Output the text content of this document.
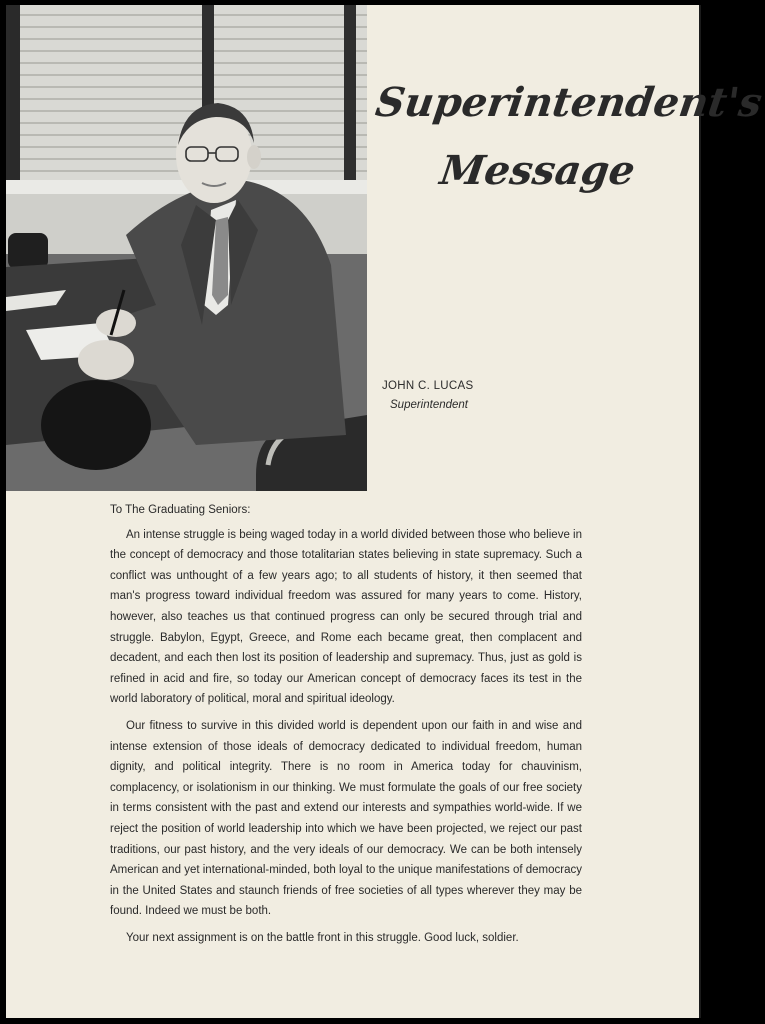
Superintendent's
Message
JOHN C. LUCAS
Superintendent

To The Graduating Seniors:

An intense struggle is being waged today in a world divided between those who believe in the concept of democracy and those totalitarian states believing in state supremacy. Such a conflict was unthought of a few years ago; to all students of history, it then seemed that man's progress toward individual freedom was assured for many years to come. History, however, also teaches us that continued progress can only be secured through trial and struggle. Babylon, Egypt, Greece, and Rome each became great, then complacent and decadent, and each then lost its position of leadership and supremacy. Thus, just as gold is refined in acid and fire, so today our American concept of democracy faces its test in the world laboratory of political, moral and spiritual ideology.

Our fitness to survive in this divided world is dependent upon our faith in and wise and intense extension of those ideals of democracy dedicated to individual freedom, human dignity, and political integrity. There is no room in America today for chauvinism, complacency, or isolationism in our thinking. We must formulate the goals of our free society in terms consistent with the past and extend our interests and sympathies world-wide. If we reject the position of world leadership into which we have been projected, we reject our past traditions, our past history, and the very ideals of our democracy. We can be both intensely American and yet international-minded, both loyal to the unique manifestations of democracy in the United States and staunch friends of free societies of all types wherever they may be found. Indeed we must be both.

Your next assignment is on the battle front in this struggle. Good luck, soldier.
